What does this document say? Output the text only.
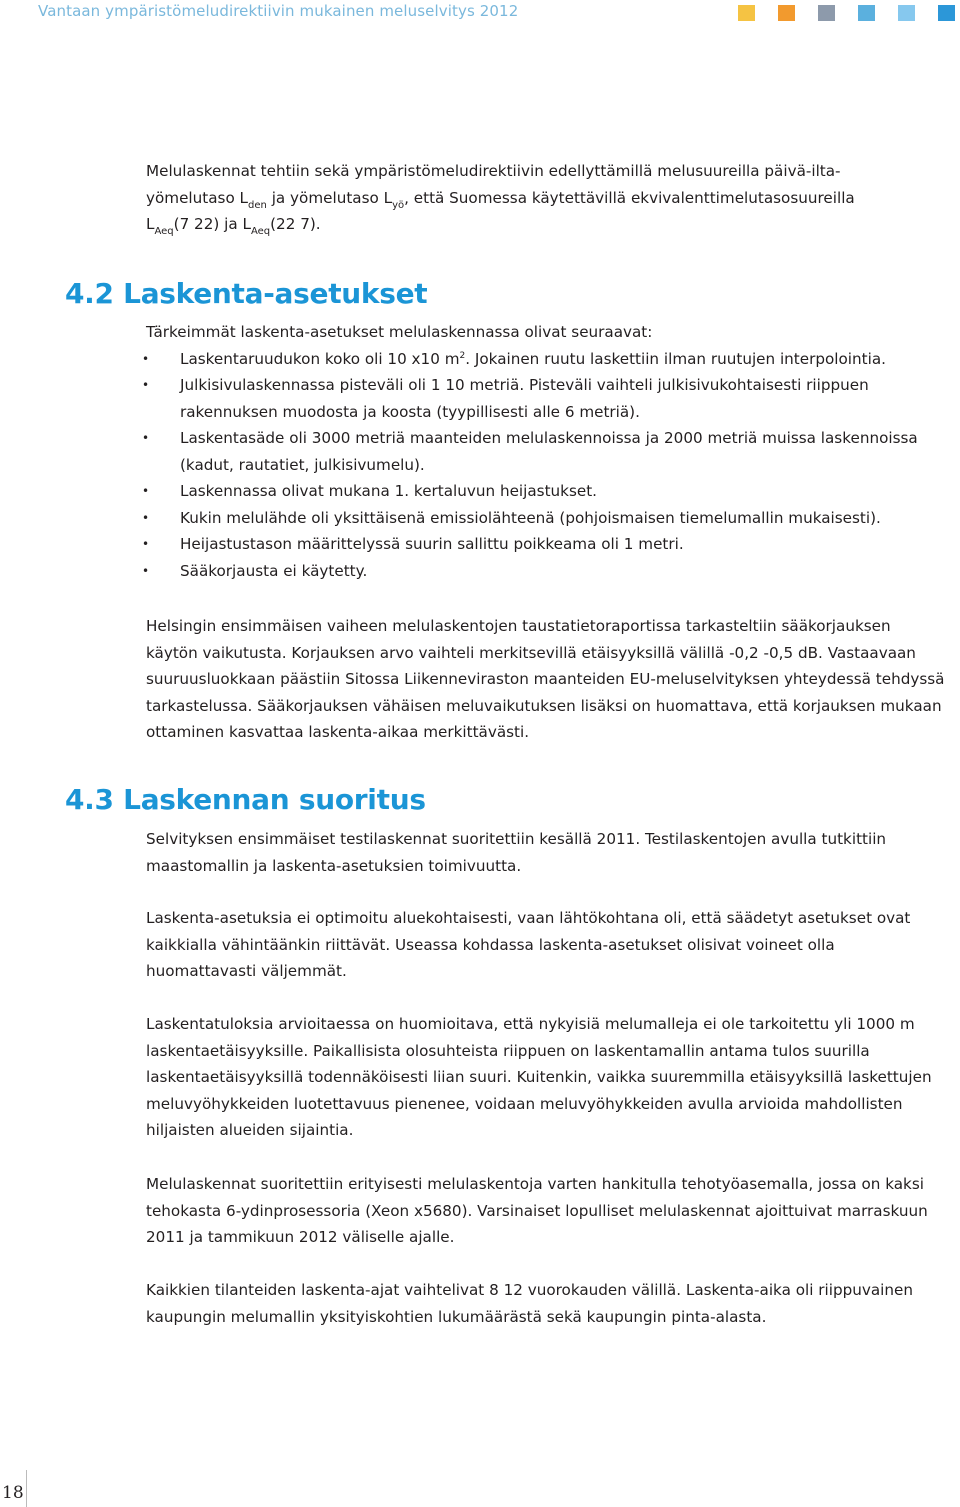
Vantaan ympäristömeludirektiivin mukainen meluselvitys 2012

Melulaskennat tehtiin sekä ympäristömeludirektiivin edellyttämillä melusuureilla päivä-ilta-
yömelutaso $L_{den}$ ja yömelutaso $L_{yö}$, että Suomessa käytettävillä ekvivalenttimelutasosuureilla
$L_{Aeq}(7$ 22) ja $L_{Aeq}(22$ 7).

4.2 Laskenta-asetukset

Tärkeimmät laskenta-asetukset melulaskennassa olivat seuraavat:

• Laskentaruudukon koko oli 10 x10 $m^2$. Jokainen ruutu laskettiin ilman ruutujen interpolointia.
• Julkisivulaskennassa pisteväli oli 1 10 metriä. Pisteväli vaihteli julkisivukohtaisesti riippuen rakennuksen muodosta ja koosta (tyypillisesti alle 6 metriä).
• Laskentasäde oli 3000 metriä maanteiden melulaskennoissa ja 2000 metriä muissa laskennoissa (kadut, rautatiet, julkisivumelu).
• Laskennassa olivat mukana 1. kertaluvun heijastukset.
• Kukin melulähde oli yksittäisenä emissiolähteenä (pohjoismaisen tiemelumallin mukaisesti).
• Heijastustason määrittelyssä suurin sallittu poikkeama oli 1 metri.
• Sääkorjausta ei käytetty.
Helsingin ensimmäisen vaiheen melulaskentojen taustatietoraportissa tarkasteltiin sääkorjauksen käytön vaikutusta. Korjauksen arvo vaihteli merkitsevillä etäisyyksillä välillä -0,2 -0,5 dB. Vastaavaan suuruusluokkaan päästiin Sitossa Liikenneviraston maanteiden EU-meluselvityksen yhteydessä tehdyssä tarkastelussa. Sääkorjauksen vähäisen meluvaikutuksen lisäksi on huomattava, että korjauksen mukaan ottaminen kasvattaa laskenta-aikaa merkittävästi.
4.3 Laskennan suoritus
Selvityksen ensimmäiset testilaskennat suoritettiin kesällä 2011. Testilaskentojen avulla tutkittiin maastomallin ja laskenta-asetuksien toimivuutta.
Laskenta-asetuksia ei optimoitu aluekohtaisesti, vaan lähtökohtana oli, että säädetyt asetukset ovat kaikkialla vähintäänkin riittävät. Useassa kohdassa laskenta-asetukset olisivat voineet olla huomattavasti väljemmät.
Laskentatuloksia arvioitaessa on huomioitava, että nykyisiä melumalleja ei ole tarkoitettu yli 1000 m laskentaetäisyyksille. Paikallisista olosuhteista riippuen on laskentamallin antama tulos suurilla laskentaetäisyyksillä todennäköisesti liian suuri. Kuitenkin, vaikka suuremmilla etäisyyksillä laskettujen meluvyöhykkeiden luotettavuus pienenee, voidaan meluvyöhykkeiden avulla arvioida mahdollisten hiljaisten alueiden sijaintia.
Melulaskennat suoritettiin erityisesti melulaskentoja varten hankitulla tehotyöasemalla, jossa on kaksi tehokasta 6-ydinprosessoria (Xeon x5680). Varsinaiset lopulliset melulaskennat ajoittuivat marraskuun 2011 ja tammikuun 2012 väliselle ajalle.
Kaikkien tilanteiden laskenta-ajat vaihtelivat 8 12 vuorokauden välillä. Laskenta-aika oli riippuvainen kaupungin melumallin yksityiskohtien lukumäärästä sekä kaupungin pinta-alasta.
18
